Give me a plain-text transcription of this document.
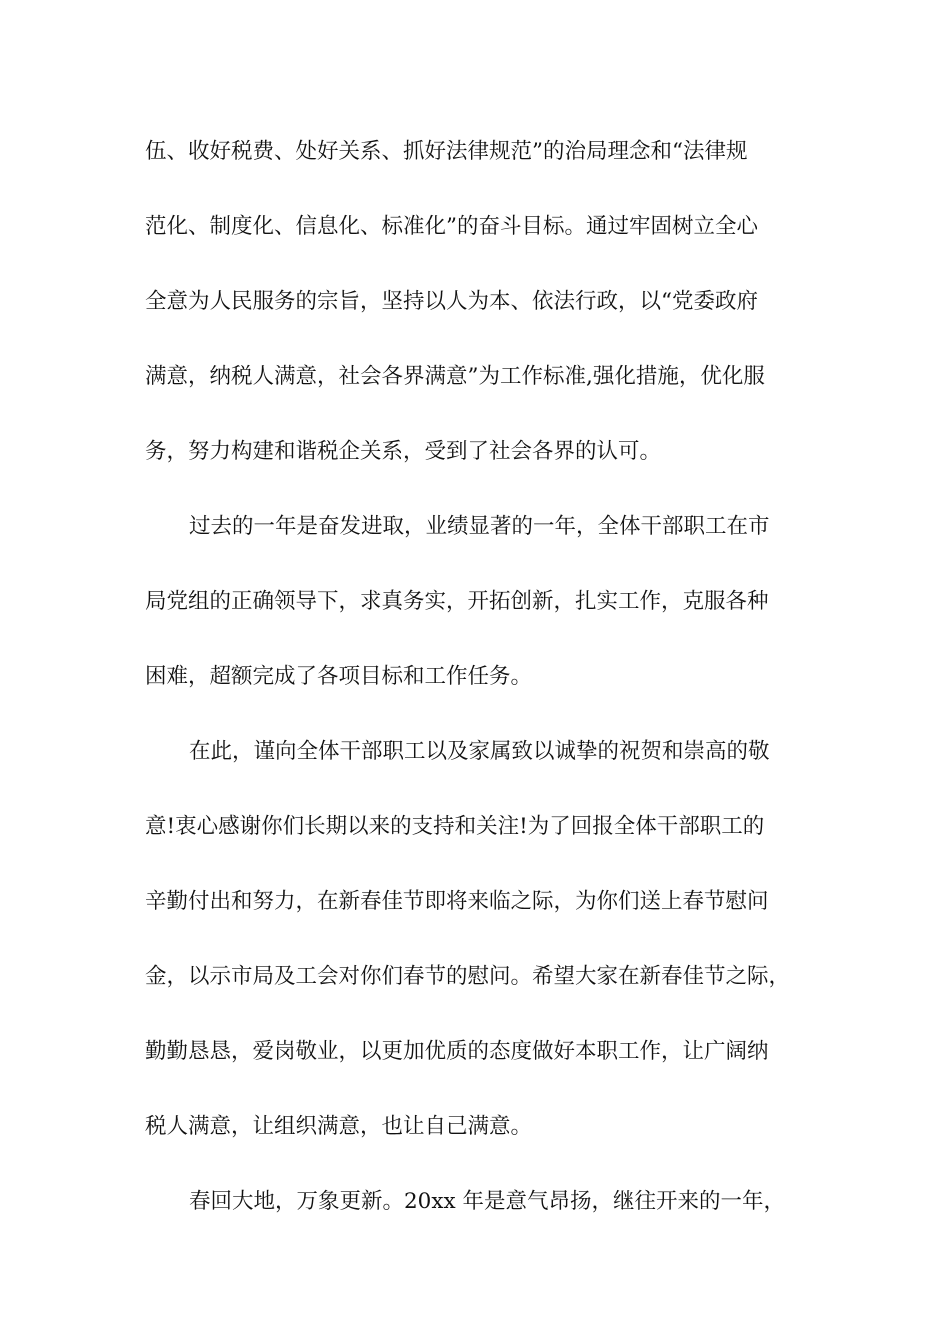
伍、收好税费、处好关系、抓好法律规范”的治局理念和“法律规
范化、制度化、信息化、标准化”的奋斗目标。通过牢固树立全心
全意为人民服务的宗旨，坚持以人为本、依法行政，以“党委政府
满意，纳税人满意，社会各界满意”为工作标准,强化措施，优化服
务，努力构建和谐税企关系，受到了社会各界的认可。
过去的一年是奋发进取，业绩显著的一年，全体干部职工在市
局党组的正确领导下，求真务实，开拓创新，扎实工作，克服各种
困难，超额完成了各项目标和工作任务。
在此，谨向全体干部职工以及家属致以诚挚的祝贺和崇高的敬
意!衷心感谢你们长期以来的支持和关注!为了回报全体干部职工的
辛勤付出和努力，在新春佳节即将来临之际，为你们送上春节慰问
金，以示市局及工会对你们春节的慰问。希望大家在新春佳节之际，
勤勤恳恳，爱岗敬业，以更加优质的态度做好本职工作，让广阔纳
税人满意，让组织满意，也让自己满意。
春回大地，万象更新。20xx 年是意气昂扬，继往开来的一年，
